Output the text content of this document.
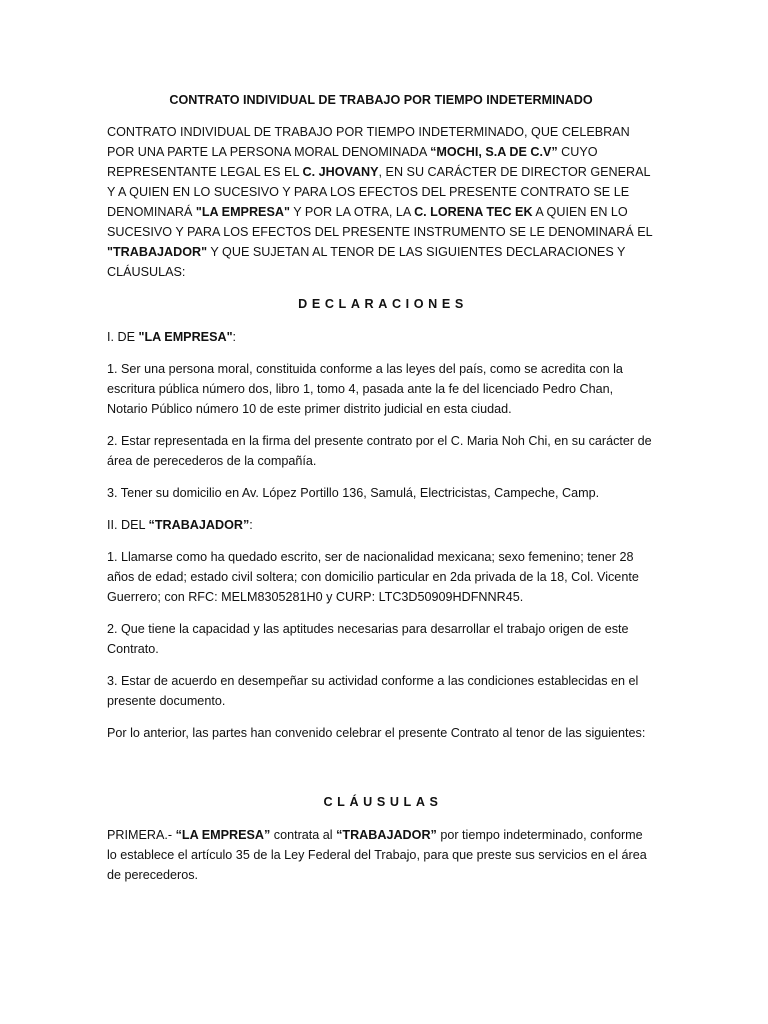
CONTRATO INDIVIDUAL DE TRABAJO POR TIEMPO INDETERMINADO

CONTRATO INDIVIDUAL DE TRABAJO POR TIEMPO INDETERMINADO, QUE CELEBRAN POR UNA PARTE LA PERSONA MORAL DENOMINADA “MOCHI, S.A DE C.V” CUYO REPRESENTANTE LEGAL ES EL C. JHOVANY, EN SU CARÁCTER DE DIRECTOR GENERAL Y A QUIEN EN LO SUCESIVO Y PARA LOS EFECTOS DEL PRESENTE CONTRATO SE LE DENOMINARÁ "LA EMPRESA" Y POR LA OTRA, LA C. LORENA TEC EK A QUIEN EN LO SUCESIVO Y PARA LOS EFECTOS DEL PRESENTE INSTRUMENTO SE LE DENOMINARÁ EL "TRABAJADOR" Y QUE SUJETAN AL TENOR DE LAS SIGUIENTES DECLARACIONES Y CLÁUSULAS:

DECLARACIONES

I. DE "LA EMPRESA":

1. Ser una persona moral, constituida conforme a las leyes del país, como se acredita con la escritura pública número dos, libro 1, tomo 4, pasada ante la fe del licenciado Pedro Chan, Notario Público número 10 de este primer distrito judicial en esta ciudad.

2. Estar representada en la firma del presente contrato por el C. Maria Noh Chi, en su carácter de área de perecederos de la compañía.

3. Tener su domicilio en Av. López Portillo 136, Samulá, Electricistas, Campeche, Camp.

II. DEL “TRABAJADOR”:

1. Llamarse como ha quedado escrito, ser de nacionalidad mexicana; sexo femenino; tener 28 años de edad; estado civil soltera; con domicilio particular en 2da privada de la 18, Col. Vicente Guerrero; con RFC: MELM8305281H0 y CURP: LTC3D50909HDFNNR45.

2. Que tiene la capacidad y las aptitudes necesarias para desarrollar el trabajo origen de este Contrato.

3. Estar de acuerdo en desempeñar su actividad conforme a las condiciones establecidas en el presente documento.

Por lo anterior, las partes han convenido celebrar el presente Contrato al tenor de las siguientes:

CLÁUSULAS

PRIMERA.- “LA EMPRESA” contrata al “TRABAJADOR” por tiempo indeterminado, conforme lo establece el artículo 35 de la Ley Federal del Trabajo, para que preste sus servicios en el área de perecederos.
